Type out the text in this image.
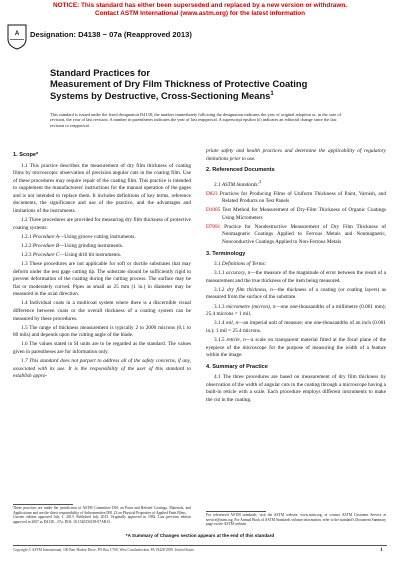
NOTICE: This standard has either been superseded and replaced by a new version or withdrawn.
Contact ASTM International (www.astm.org) for the latest information
A Designation: D4138 − 07a (Reapproved 2013)
Standard Practices for
Measurement of Dry Film Thickness of Protective Coating
Systems by Destructive, Cross-Sectioning Means$^1$
This standard is issued under the fixed designation D4138; the number immediately following the designation indicates the year of original adoption or, in the case of revision, the year of last revision. A number in parentheses indicates the year of last reapproval. A superscript epsilon (ε) indicates an editorial change since the last revision or reapproval.

1. Scope*

1.1 This practice describes the measurement of dry film thickness of coating films by microscopic observation of precision angular cuts in the coating film. Use of these procedures may require repair of the coating film. This practice is intended to supplement the manufacturers' instructions for the manual operation of the gages and is not intended to replace them. It includes definitions of key terms, reference documents, the significance and use of the practice, and the advantages and limitations of the instruments.

1.2 Three procedures are provided for measuring dry film thickness of protective coating systems:

1.2.1 Procedure A—Using groove cutting instruments.

1.2.2 Procedure B—Using grinding instruments.

1.2.3 Procedure C—Using drill bit instruments.

1.3 These procedures are not applicable for soft or ductile substrates that may deform under the test gage cutting tip. The substrate should be sufficiently rigid to prevent deformation of the coating during the cutting process. The surface may be flat or moderately curved. Pipes as small as 25 mm (1 in.) in diameter may be measured in the axial direction.

1.4 Individual coats in a multicoat system where there is a discernible visual difference between coats or the overall thickness of a coating system can be measured by these procedures.

1.5 The range of thickness measurement is typically 2 to 2000 microns (0.1 to 80 mils) and depends upon the cutting angle of the blade.

1.6 The values stated in SI units are to be regarded as the standard. The values given in parentheses are for information only.

1.7 This standard does not purport to address all of the safety concerns, if any, associated with its use. It is the responsibility of the user of this standard to establish appro-

priate safety and health practices and determine the applicability of regulatory limitations prior to use.

2. Referenced Documents

2.1 ASTM Standards:$^2$

D823 Practices for Producing Films of Uniform Thickness of Paint, Varnish, and Related Products on Test Panels

D1005 Test Method for Measurement of Dry-Film Thickness of Organic Coatings Using Micrometers

D7091 Practice for Nondestructive Measurement of Dry Film Thickness of Nonmagnetic Coatings Applied to Ferrous Metals and Nonmagnetic, Nonconductive Coatings Applied to Non-Ferrous Metals

3. Terminology

3.1 Definitions of Terms:

3.1.1 accuracy, n—the measure of the magnitude of error between the result of a measurement and the true thickness of the item being measured.

3.1.2 dry film thickness, n—the thickness of a coating (or coating layers) as measured from the surface of the substrate.

3.1.3 micrometre (micron), n—one one-thousandths of a millimetre (0.001 mm); 25.4 microns = 1 mil.

3.1.4 mil, n—an imperial unit of measure; one one-thousandths of an inch (0.001 in.); 1 mil = 25.4 microns.

3.1.5 reticle, n—a scale on transparent material fitted at the focal plane of the eyepiece of the microscope for the purpose of measuring the width of a feature within the image.

4. Summary of Practice

4.1 The three procedures are based on measurement of dry film thickness by observation of the width of angular cuts in the coating through a microscope having a built-in reticle with a scale. Each procedure employs different instruments to make the cut in the coating.

These practices are under the jurisdiction of ASTM Committee D01 on Paint and Related Coatings, Materials, and Applications and are the direct responsibility of Subcommittee D01.23 on Physical Properties of Applied Paint Films.
Current edition approved July 1, 2013. Published July 2013. Originally approved in 1982. Last previous edition approved in 2007 as D4138 – 07a. DOI: 10.1520/D4138-07AR13.
For referenced ASTM standards, visit the ASTM website, www.astm.org, or contact ASTM Customer Service at service@astm.org. For Annual Book of ASTM Standards volume information, refer to the standard's Document Summary page on the ASTM website.
*A Summary of Changes section appears at the end of this standard
Copyright © ASTM International, 100 Barr Harbor Drive, PO Box C700, West Conshohocken, PA 19428-2959. United States	1
